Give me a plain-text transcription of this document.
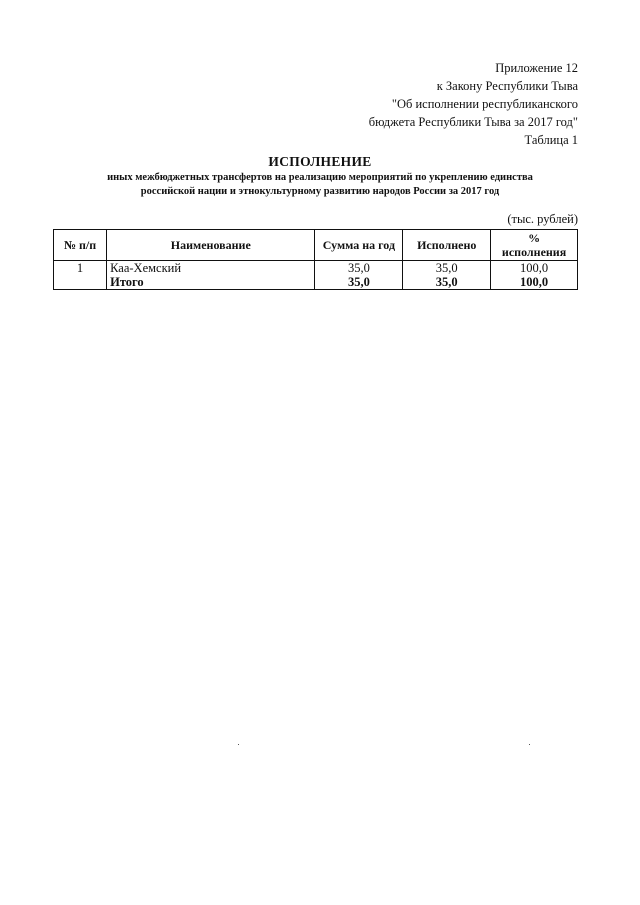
Приложение 12
к Закону Республики Тыва
"Об исполнении республиканского
бюджета Республики Тыва за 2017 год"
Таблица 1
ИСПОЛНЕНИЕ
иных межбюджетных трансфертов на реализацию мероприятий по укреплению единства
российской нации и этнокультурному развитию народов России за 2017 год
(тыс. рублей)
№ п/п	Наименование	Сумма на год	Исполнено	%
исполнения

1	Каа-Хемский	35,0	35,0	100,0
	Итого	35,0	35,0	100,0
